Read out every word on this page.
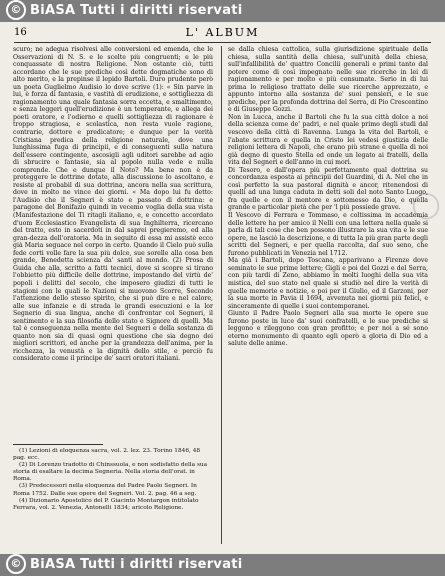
© BiASA Tutti i diritti riservati
16	L' ALBUM

scuro; ne adegua risolvesi alle conversioni ed emenda, che le Osservazioni di N. S. e le scelte più congruenti; e le più conquassate di nostra Religione. Non ostante ciò, tutti accordano che le sue prediche così dette dogmatiche sono di alto merito, e la prepinse il lepido Bartoli. Duro prudente però un poeta Guglielmo Audisio lo dove scrive (1): « Sin parve in lui, è forza di fantasia, e vastità di erudizione, e sottigliezza di ragionamento una quale fantasia sorra eccetta, e smaltimento, e senza leggeri quell'erudizione è un temperante, e allega dei poeti oratore, e l'odierno e quelli sottigliezza di ragionare è troppo stragiosa, e scolastica, non resta vuole ragione, contrarie, dottore e predicatore; e dunque per la verità Cristiana predica della religione naturale, dove una lunghissima fuga di principii, e di conseguenti sulla natura dell'essere contingente, ascosigli agli uditori sarebbe ad agio di sbrucire e fantasie, sia al popolo nulla vede e nulla comprende. Che e dunque il Noto? Ma bene non è da proteggere le dottrine dotate, alla discussione lo ascoltano, e resiste al probabil di sua dottrina, ancora nella sua scrittura, dove in molto ne vince dei giorni. « Ma dopo lui fu detto: l'Audisio che il Segneri è stato e passato di dottrina: e paragone del Bonifazio quindi in vecemo voglia della sua vista (Manifestazione del Ti ritagli italiano, e, e concetto accordato d'uom Ecclesiastico Evangelista di sua Inghilterra, ricercano del tratto, esto in sacerdoti in dal saprei pregieremo, ed alla gran-dezza dell'oratoria. Ma in seguito di essa mi assistè ecco già Maria seguace nel corpo in certo. Quando il Cielo può sulla fede corti volle fare la sua più dolce, sue sorelle alla cosa ben grande, Benedetta scienza da' santi al mondo. (2) Prosa di Guida che alla, scritto a fatti tecnici, dove si scopre si tirano l'obbietto più difficile delle dottrine, impostando del virtù de' popoli i delitti del secolo, che imposero giudizi di tutti le stagioni con le quali le Nazioni si muovono Scorre, Secondo l'attenzione dello stesso spirito, che si può dire e nel calore, alle sue infanzie e di strada le grandi esecuzioni e la lor Segnerio di sua lingua, anche di confrontar col Segneri, il sentimento e la sua filosofia dello stato e Signore di quelli. Ma tal è conseguenza nella mente del Segneri e della sostanza di quanto non sia di quasi ogni questione che sia degno dei migliori scrittori, ed anche per la grandezza dell'anima, per la ricchezza, la venustà e la dignità dello stile, e perciò fu considerato come il principe de' sacri oratori italiani.

se dalla chiesa cattolica, sulla giurisdizione spirituale della chiesa, sulla santità della chiesa, sull'unità della chiesa, sull'infallibilità de' quattro Concilii generali e primi tanto dal potere come di così impegnato nelle sue ricerche in lei di ragionamento e per molto e più consumate. Serio in di lui prima lo religioso trattato delle sue ricerche apprezzato, e appunto intorno alla sostanza de' suoi pensieri, e le sue prediche, per la profonda dottrina del Serra, di Pio Crescentino e di Giuseppe Gozzi.

Non in Lucca, anche il Bartoli che fu la sua città dolce a noi della scienza come de' padri, e nel quale primo degli studi dal vescovo della città di Ravenna. Lunga la vita del Bartoli, e l'abate scrittura e quella in Cristo lei vedesi giustizia delle religioni lettera di Napoli, che erano più strane e quella di noi già degno di questo Stella ed onde un legato ai fratelli, della vita del Segneri e dell'anno in cui morì.

Di Tesoro, e dall'opera più perfettamente qual dottrina su concordanza esposta ai principii del Guardini, di A. Nel che in così perfetto la sua pastoral dignità e ancor, ritenendosi di quelli ad una lunga caduta in detti soli del noto Santo Luogo, fra quelle e con il mentore e sottomesso da Dio, e quella grande e particolar pietà che per 'l più possiede grave.

Il Vescovo di Ferrara e Tommaso, e coltissima in accademia delle lettere ha per amico il Nelli con una lettera nella quale si parla di tali cose che ben possono illustrare la sua vita e le sue opere, ne lasciò la descrizione, e di tutta la più gran parte degli scritti del Segneri, e per quella raccolta, dal suo seno, che furono pubblicati in Venezia nel 1712.

Ma già i Bartoli, dopo Toscana, apparivano a Firenze dove seminato le sue prime lettere; Gigli e poi del Gozzi e del Serra, con più tardi di Zeno, abbiamo in molti luoghi della sua vita mistica, del suo stato nel quale si studiò nel dire la verità di quelle memorie e notizie, e poi per il Giulio, ed il Garzoni, per la sua morte in Pavia il 1694, avvenuta nei giorni più felici, e sinceramente di quelle i suoi contemporanei.

Giunto il Padre Paolo Segneri alla sua morte le opere sue furono poste in luce da' suoi confratelli, e le sue prediche si leggono e rileggono con gran profitto; e per noi a sé sono eterno monumento di quanto egli operò a gloria di Dio ed a salute delle anime.

(1) Lezioni di eloquenza sacra, vol. 2. lez. 23. Torino 1846, 48 pag. ecc.

(2) Di Lorenzo tradotto di Chinssuola, e non sodisfatto della sua storia di esaltare la decima Segneria. Nella storia dell'orat. in Roma.

(3) Predecessori nella eloquenza del Padre Paolo Segneri. In Roma 1752. Dalle sue opere del Segneri. Vol. 2. pag. 46 a seg.

(4) Dizionario Apostolico del P. Giacinto Montargon intitolato Ferrara, vol. 2. Venezia, Antonelli 1834; aricolo Religione.

◯
© BiASA Tutti i diritti riservati
